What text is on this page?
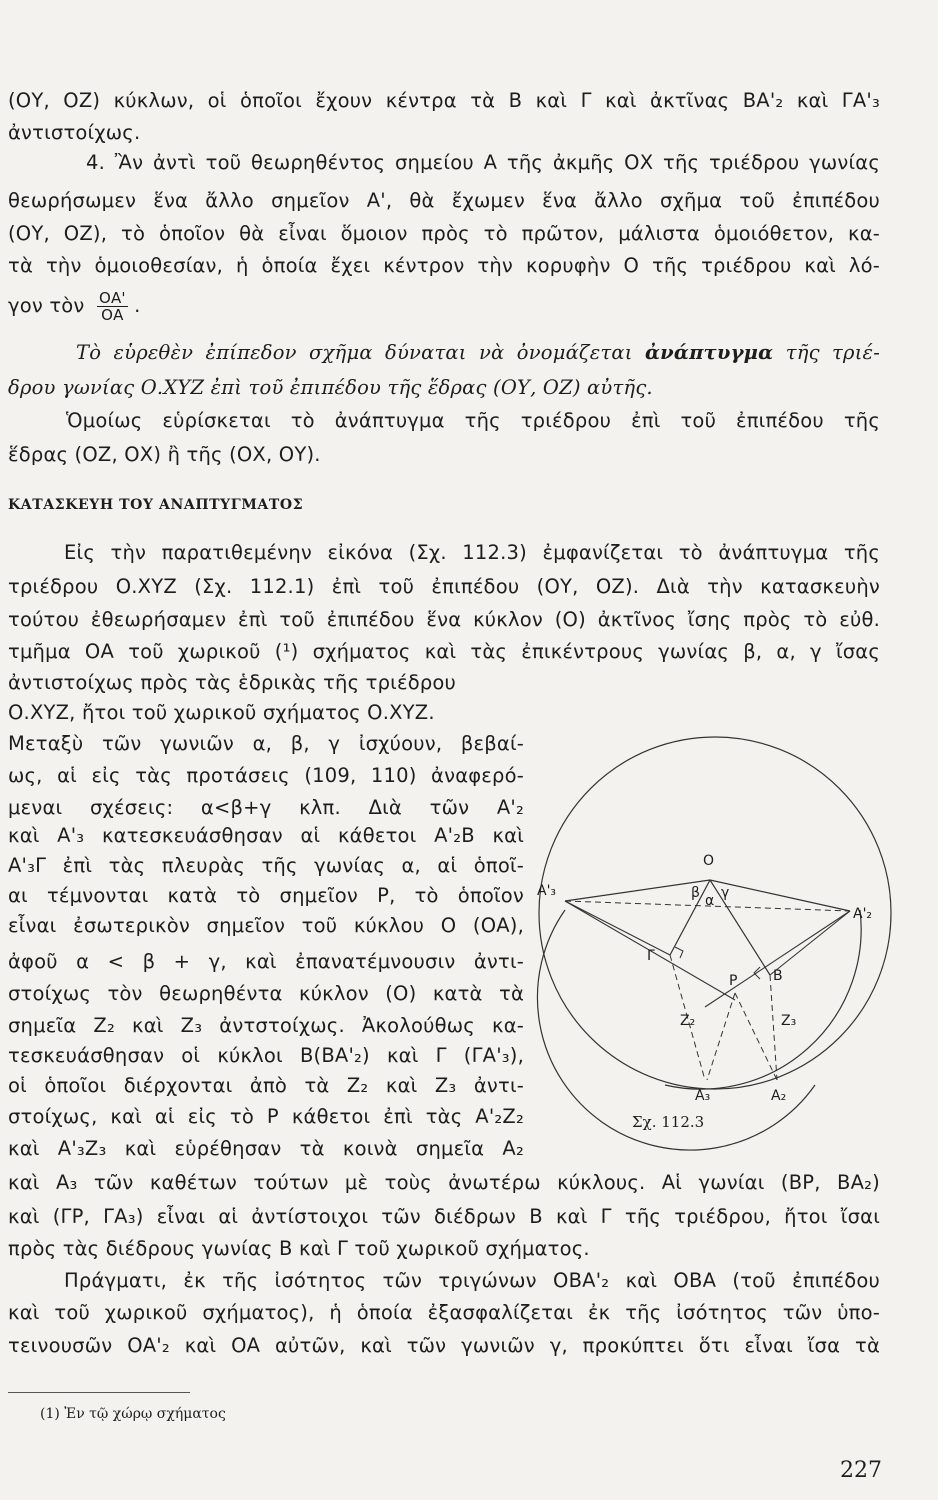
(ΟΥ, ΟΖ) κύκλων, οἱ ὁποῖοι ἔχουν κέντρα τὰ Β καὶ Γ καὶ ἀκτῖνας ΒΑ'₂ καὶ ΓΑ'₃
ἀντιστοίχως.
4. Ἂν ἀντὶ τοῦ θεωρηθέντος σημείου Α τῆς ἀκμῆς ΟΧ τῆς τριέδρου γωνίας
θεωρήσωμεν ἕνα ἄλλο σημεῖον Α', θὰ ἔχωμεν ἕνα ἄλλο σχῆμα τοῦ ἐπιπέδου
(ΟΥ, ΟΖ), τὸ ὁποῖον θὰ εἶναι ὅμοιον πρὸς τὸ πρῶτον, μάλιστα ὁμοιόθετον, κα-
τὰ τὴν ὁμοιοθεσίαν, ἡ ὁποία ἔχει κέντρον τὴν κορυφὴν Ο τῆς τριέδρου καὶ λό-
γον τὸν $\frac{OA'}{OA}$ .
Τὸ εὑρεθὲν ἐπίπεδον σχῆμα δύναται νὰ ὀνομάζεται ἀνάπτυγμα τῆς τριέ-
δρου γωνίας Ο.ΧΥΖ ἐπὶ τοῦ ἐπιπέδου τῆς ἕδρας (ΟΥ, ΟΖ) αὐτῆς.
Ὁμοίως εὑρίσκεται τὸ ἀνάπτυγμα τῆς τριέδρου ἐπὶ τοῦ ἐπιπέδου τῆς
ἕδρας (ΟΖ, ΟΧ) ἢ τῆς (ΟΧ, ΟΥ).
ΚΑΤΑΣΚΕΥΗ ΤΟΥ ΑΝΑΠΤΥΓΜΑΤΟΣ
Εἰς τὴν παρατιθεμένην εἰκόνα (Σχ. 112.3) ἐμφανίζεται τὸ ἀνάπτυγμα τῆς
τριέδρου Ο.ΧΥΖ (Σχ. 112.1) ἐπὶ τοῦ ἐπιπέδου (ΟΥ, ΟΖ). Διὰ τὴν κατασκευὴν
τούτου ἐθεωρήσαμεν ἐπὶ τοῦ ἐπιπέδου ἕνα κύκλον (Ο) ἀκτῖνος ἴσης πρὸς τὸ εὐθ.
τμῆμα ΟΑ τοῦ χωρικοῦ (¹) σχήματος καὶ τὰς ἐπικέντρους γωνίας β, α, γ ἴσας
ἀντιστοίχως πρὸς τὰς ἑδρικὰς τῆς τριέδρου
Ο.ΧΥΖ, ἤτοι τοῦ χωρικοῦ σχήματος Ο.ΧΥΖ.
Μεταξὺ τῶν γωνιῶν α, β, γ ἰσχύουν, βεβαί-
ως, αἱ εἰς τὰς προτάσεις (109, 110) ἀναφερό-
μεναι σχέσεις: α<β+γ κλπ. Διὰ τῶν Α'₂
καὶ Α'₃ κατεσκευάσθησαν αἱ κάθετοι Α'₂Β καὶ
Α'₃Γ ἐπὶ τὰς πλευρὰς τῆς γωνίας α, αἱ ὁποῖ-
αι τέμνονται κατὰ τὸ σημεῖον Ρ, τὸ ὁποῖον
εἶναι ἐσωτερικὸν σημεῖον τοῦ κύκλου Ο (ΟΑ),
ἀφοῦ α < β + γ, καὶ ἐπανατέμνουσιν ἀντι-
στοίχως τὸν θεωρηθέντα κύκλον (Ο) κατὰ τὰ
σημεῖα Ζ₂ καὶ Ζ₃ ἀντστοίχως. Ἀκολούθως κα-
τεσκευάσθησαν οἱ κύκλοι Β(ΒΑ'₂) καὶ Γ (ΓΑ'₃),
οἱ ὁποῖοι διέρχονται ἀπὸ τὰ Ζ₂ καὶ Ζ₃ ἀντι-
στοίχως, καὶ αἱ εἰς τὸ Ρ κάθετοι ἐπὶ τὰς Α'₂Ζ₂
καὶ Α'₃Ζ₃ καὶ εὑρέθησαν τὰ κοινὰ σημεῖα Α₂
καὶ Α₃ τῶν καθέτων τούτων μὲ τοὺς ἀνωτέρω κύκλους. Αἱ γωνίαι (ΒΡ, ΒΑ₂)
καὶ (ΓΡ, ΓΑ₃) εἶναι αἱ ἀντίστοιχοι τῶν διέδρων Β καὶ Γ τῆς τριέδρου, ἤτοι ἴσαι
πρὸς τὰς διέδρους γωνίας Β καὶ Γ τοῦ χωρικοῦ σχήματος.
Πράγματι, ἐκ τῆς ἰσότητος τῶν τριγώνων ΟΒΑ'₂ καὶ ΟΒΑ (τοῦ ἐπιπέδου
καὶ τοῦ χωρικοῦ σχήματος), ἡ ὁποία ἐξασφαλίζεται ἐκ τῆς ἰσότητος τῶν ὑπο-
τεινουσῶν ΟΑ'₂ καὶ ΟΑ αὐτῶν, καὶ τῶν γωνιῶν γ, προκύπτει ὅτι εἶναι ἴσα τὰ
O
β α γ
A'₃
A'₂
Γ
P	B
Z₂	Z₃
A₃	A₂
Σχ. 112.3
(1) Ἐν τῷ χώρῳ σχήματος
227
